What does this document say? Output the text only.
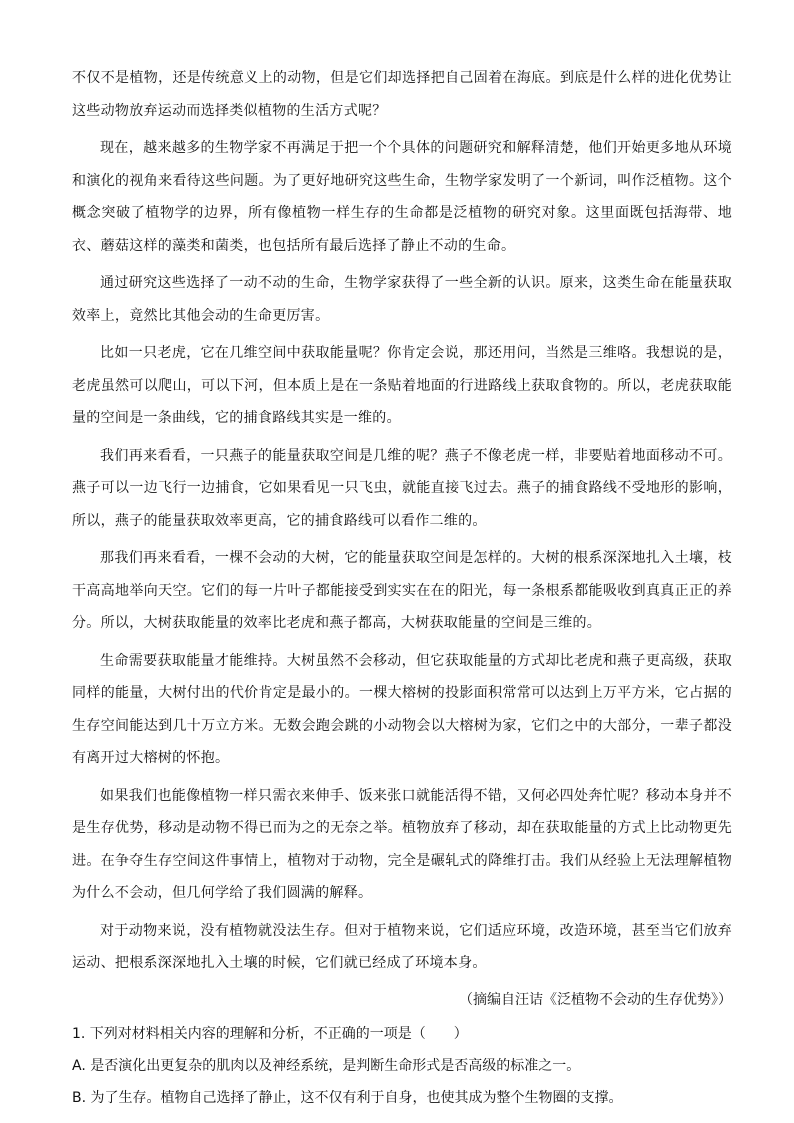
不仅不是植物，还是传统意义上的动物，但是它们却选择把自己固着在海底。到底是什么样的进化优势让这些动物放弃运动而选择类似植物的生活方式呢？

现在，越来越多的生物学家不再满足于把一个个具体的问题研究和解释清楚，他们开始更多地从环境和演化的视角来看待这些问题。为了更好地研究这些生命，生物学家发明了一个新词，叫作泛植物。这个概念突破了植物学的边界，所有像植物一样生存的生命都是泛植物的研究对象。这里面既包括海带、地衣、蘑菇这样的藻类和菌类，也包括所有最后选择了静止不动的生命。

通过研究这些选择了一动不动的生命，生物学家获得了一些全新的认识。原来，这类生命在能量获取效率上，竟然比其他会动的生命更厉害。

比如一只老虎，它在几维空间中获取能量呢？你肯定会说，那还用问，当然是三维咯。我想说的是，老虎虽然可以爬山，可以下河，但本质上是在一条贴着地面的行进路线上获取食物的。所以，老虎获取能量的空间是一条曲线，它的捕食路线其实是一维的。

我们再来看看，一只燕子的能量获取空间是几维的呢？燕子不像老虎一样，非要贴着地面移动不可。燕子可以一边飞行一边捕食，它如果看见一只飞虫，就能直接飞过去。燕子的捕食路线不受地形的影响，所以，燕子的能量获取效率更高，它的捕食路线可以看作二维的。

那我们再来看看，一棵不会动的大树，它的能量获取空间是怎样的。大树的根系深深地扎入土壤，枝干高高地举向天空。它们的每一片叶子都能接受到实实在在的阳光，每一条根系都能吸收到真真正正的养分。所以，大树获取能量的效率比老虎和燕子都高，大树获取能量的空间是三维的。

生命需要获取能量才能维持。大树虽然不会移动，但它获取能量的方式却比老虎和燕子更高级，获取同样的能量，大树付出的代价肯定是最小的。一棵大榕树的投影面积常常可以达到上万平方米，它占据的生存空间能达到几十万立方米。无数会跑会跳的小动物会以大榕树为家，它们之中的大部分，一辈子都没有离开过大榕树的怀抱。

如果我们也能像植物一样只需衣来伸手、饭来张口就能活得不错，又何必四处奔忙呢？移动本身并不是生存优势，移动是动物不得已而为之的无奈之举。植物放弃了移动，却在获取能量的方式上比动物更先进。在争夺生存空间这件事情上，植物对于动物，完全是碾轧式的降维打击。我们从经验上无法理解植物为什么不会动，但几何学给了我们圆满的解释。

对于动物来说，没有植物就没法生存。但对于植物来说，它们适应环境，改造环境，甚至当它们放弃运动、把根系深深地扎入土壤的时候，它们就已经成了环境本身。

（摘编自汪诘《泛植物不会动的生存优势》）

1. 下列对材料相关内容的理解和分析，不正确的一项是（　　）

A. 是否演化出更复杂的肌肉以及神经系统，是判断生命形式是否高级的标准之一。

B. 为了生存。植物自己选择了静止，这不仅有利于自身，也使其成为整个生物圈的支撑。
